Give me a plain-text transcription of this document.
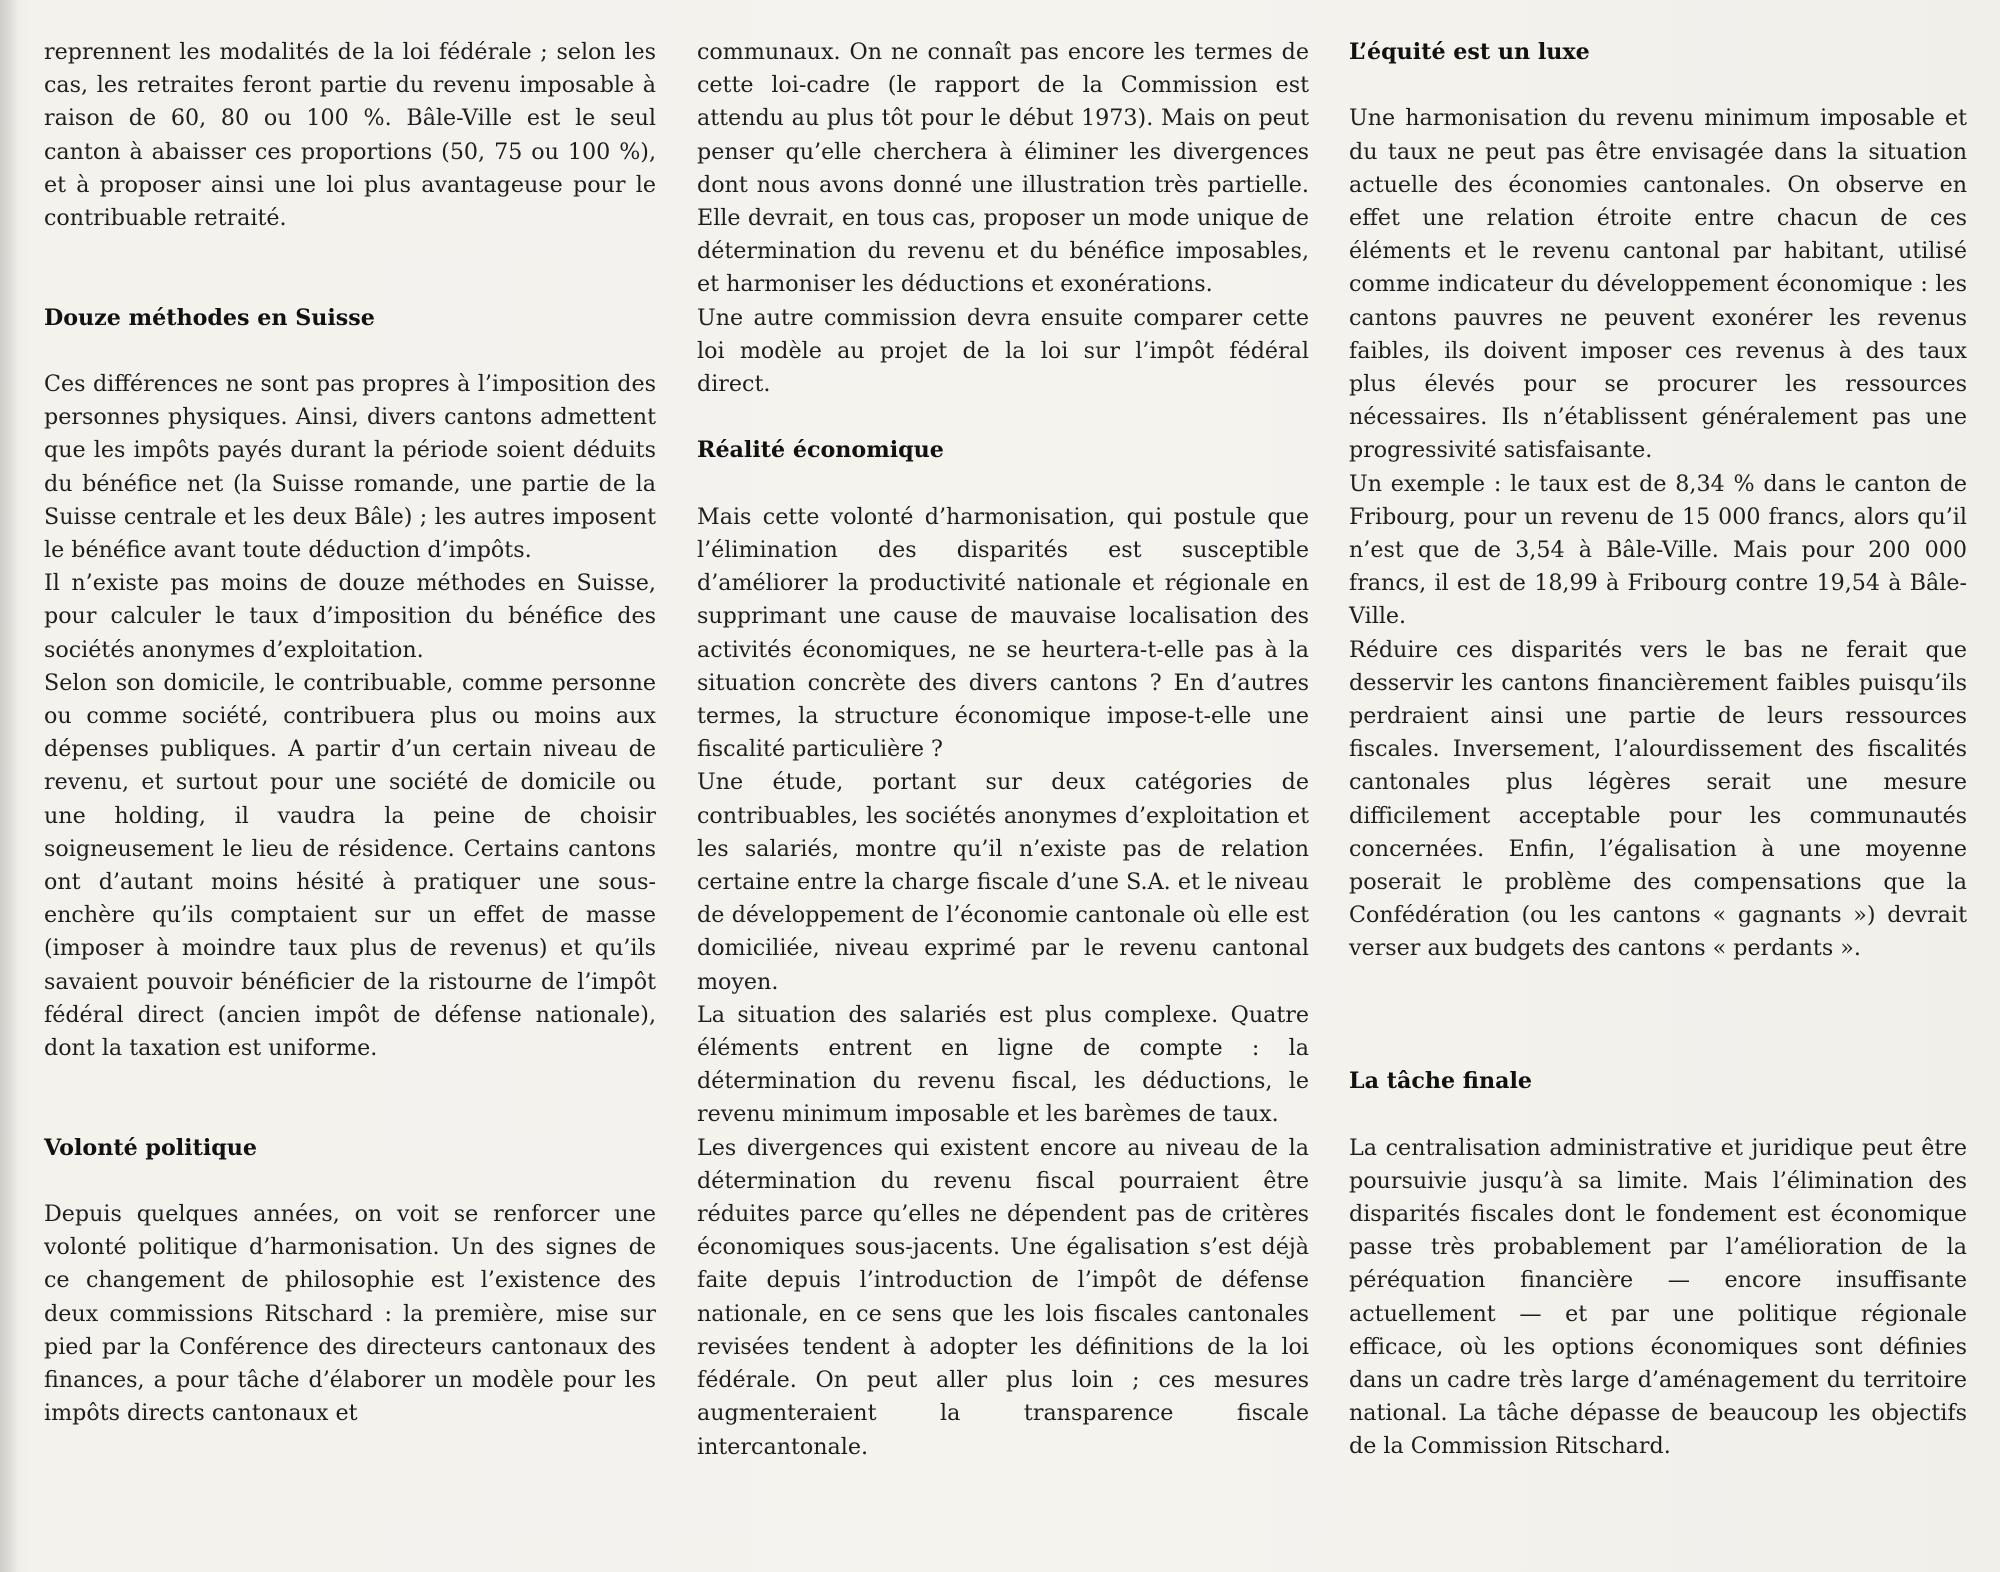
reprennent les modalités de la loi fédérale ; selon les cas, les retraites feront partie du revenu imposable à raison de 60, 80 ou 100 %. Bâle-Ville est le seul canton à abaisser ces proportions (50, 75 ou 100 %), et à proposer ainsi une loi plus avantageuse pour le contribuable retraité.

Douze méthodes en Suisse

Ces différences ne sont pas propres à l’imposition des personnes physiques. Ainsi, divers cantons admettent que les impôts payés durant la période soient déduits du bénéfice net (la Suisse romande, une partie de la Suisse centrale et les deux Bâle) ; les autres imposent le bénéfice avant toute déduction d’impôts.

Il n’existe pas moins de douze méthodes en Suisse, pour calculer le taux d’imposition du bénéfice des sociétés anonymes d’exploitation.

Selon son domicile, le contribuable, comme personne ou comme société, contribuera plus ou moins aux dépenses publiques. A partir d’un certain niveau de revenu, et surtout pour une société de domicile ou une holding, il vaudra la peine de choisir soigneusement le lieu de résidence. Certains cantons ont d’autant moins hésité à pratiquer une sous-enchère qu’ils comptaient sur un effet de masse (imposer à moindre taux plus de revenus) et qu’ils savaient pouvoir bénéficier de la ristourne de l’impôt fédéral direct (ancien impôt de défense nationale), dont la taxation est uniforme.

Volonté politique

Depuis quelques années, on voit se renforcer une volonté politique d’harmonisation. Un des signes de ce changement de philosophie est l’existence des deux commissions Ritschard : la première, mise sur pied par la Conférence des directeurs cantonaux des finances, a pour tâche d’élaborer un modèle pour les impôts directs cantonaux et

communaux. On ne connaît pas encore les termes de cette loi-cadre (le rapport de la Commission est attendu au plus tôt pour le début 1973). Mais on peut penser qu’elle cherchera à éliminer les divergences dont nous avons donné une illustration très partielle. Elle devrait, en tous cas, proposer un mode unique de détermination du revenu et du bénéfice imposables, et harmoniser les déductions et exonérations.

Une autre commission devra ensuite comparer cette loi modèle au projet de la loi sur l’impôt fédéral direct.

Réalité économique

Mais cette volonté d’harmonisation, qui postule que l’élimination des disparités est susceptible d’améliorer la productivité nationale et régionale en supprimant une cause de mauvaise localisation des activités économiques, ne se heurtera-t-elle pas à la situation concrète des divers cantons ? En d’autres termes, la structure économique impose-t-elle une fiscalité particulière ?

Une étude, portant sur deux catégories de contribuables, les sociétés anonymes d’exploitation et les salariés, montre qu’il n’existe pas de relation certaine entre la charge fiscale d’une S.A. et le niveau de développement de l’économie cantonale où elle est domiciliée, niveau exprimé par le revenu cantonal moyen.

La situation des salariés est plus complexe. Quatre éléments entrent en ligne de compte : la détermination du revenu fiscal, les déductions, le revenu minimum imposable et les barèmes de taux.

Les divergences qui existent encore au niveau de la détermination du revenu fiscal pourraient être réduites parce qu’elles ne dépendent pas de critères économiques sous-jacents. Une égalisation s’est déjà faite depuis l’introduction de l’impôt de défense nationale, en ce sens que les lois fiscales cantonales revisées tendent à adopter les définitions de la loi fédérale. On peut aller plus loin ; ces mesures augmenteraient la transparence fiscale intercantonale.

L’équité est un luxe

Une harmonisation du revenu minimum imposable et du taux ne peut pas être envisagée dans la situation actuelle des économies cantonales. On observe en effet une relation étroite entre chacun de ces éléments et le revenu cantonal par habitant, utilisé comme indicateur du développement économique : les cantons pauvres ne peuvent exonérer les revenus faibles, ils doivent imposer ces revenus à des taux plus élevés pour se procurer les ressources nécessaires. Ils n’établissent généralement pas une progressivité satisfaisante.

Un exemple : le taux est de 8,34 % dans le canton de Fribourg, pour un revenu de 15 000 francs, alors qu’il n’est que de 3,54 à Bâle-Ville. Mais pour 200 000 francs, il est de 18,99 à Fribourg contre 19,54 à Bâle-Ville.

Réduire ces disparités vers le bas ne ferait que desservir les cantons financièrement faibles puisqu’ils perdraient ainsi une partie de leurs ressources fiscales. Inversement, l’alourdissement des fiscalités cantonales plus légères serait une mesure difficilement acceptable pour les communautés concernées. Enfin, l’égalisation à une moyenne poserait le problème des compensations que la Confédération (ou les cantons « gagnants ») devrait verser aux budgets des cantons « perdants ».

La tâche finale

La centralisation administrative et juridique peut être poursuivie jusqu’à sa limite. Mais l’élimination des disparités fiscales dont le fondement est économique passe très probablement par l’amélioration de la péréquation financière — encore insuffisante actuellement — et par une politique régionale efficace, où les options économiques sont définies dans un cadre très large d’aménagement du territoire national. La tâche dépasse de beaucoup les objectifs de la Commission Ritschard.
